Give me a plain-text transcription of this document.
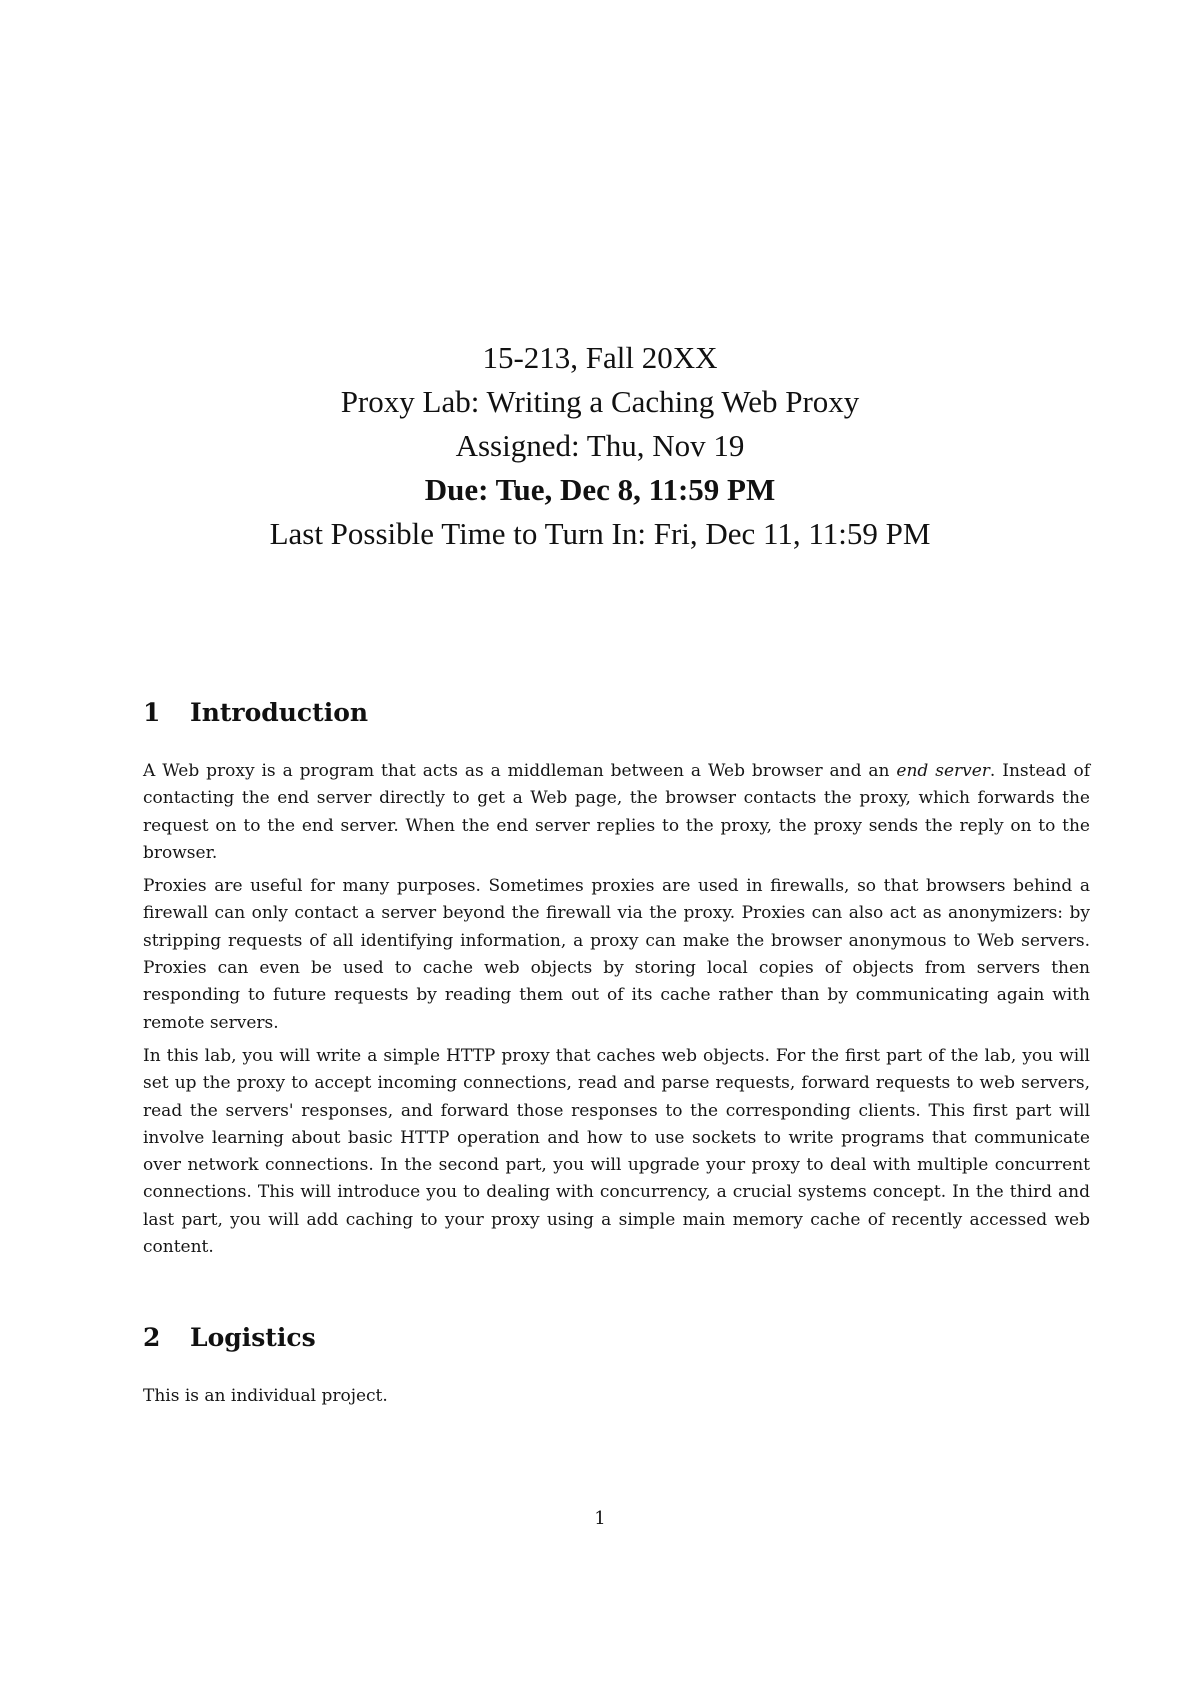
15-213, Fall 20XX

Proxy Lab: Writing a Caching Web Proxy

Assigned: Thu, Nov 19

Due: Tue, Dec 8, 11:59 PM

Last Possible Time to Turn In: Fri, Dec 11, 11:59 PM

1	Introduction

A Web proxy is a program that acts as a middleman between a Web browser and an end server. Instead of contacting the end server directly to get a Web page, the browser contacts the proxy, which forwards the request on to the end server. When the end server replies to the proxy, the proxy sends the reply on to the browser.

Proxies are useful for many purposes. Sometimes proxies are used in firewalls, so that browsers behind a firewall can only contact a server beyond the firewall via the proxy. Proxies can also act as anonymizers: by stripping requests of all identifying information, a proxy can make the browser anonymous to Web servers. Proxies can even be used to cache web objects by storing local copies of objects from servers then responding to future requests by reading them out of its cache rather than by communicating again with remote servers.

In this lab, you will write a simple HTTP proxy that caches web objects. For the first part of the lab, you will set up the proxy to accept incoming connections, read and parse requests, forward requests to web servers, read the servers' responses, and forward those responses to the corresponding clients. This first part will involve learning about basic HTTP operation and how to use sockets to write programs that communicate over network connections. In the second part, you will upgrade your proxy to deal with multiple concurrent connections. This will introduce you to dealing with concurrency, a crucial systems concept. In the third and last part, you will add caching to your proxy using a simple main memory cache of recently accessed web content.

2	Logistics

This is an individual project.

1
